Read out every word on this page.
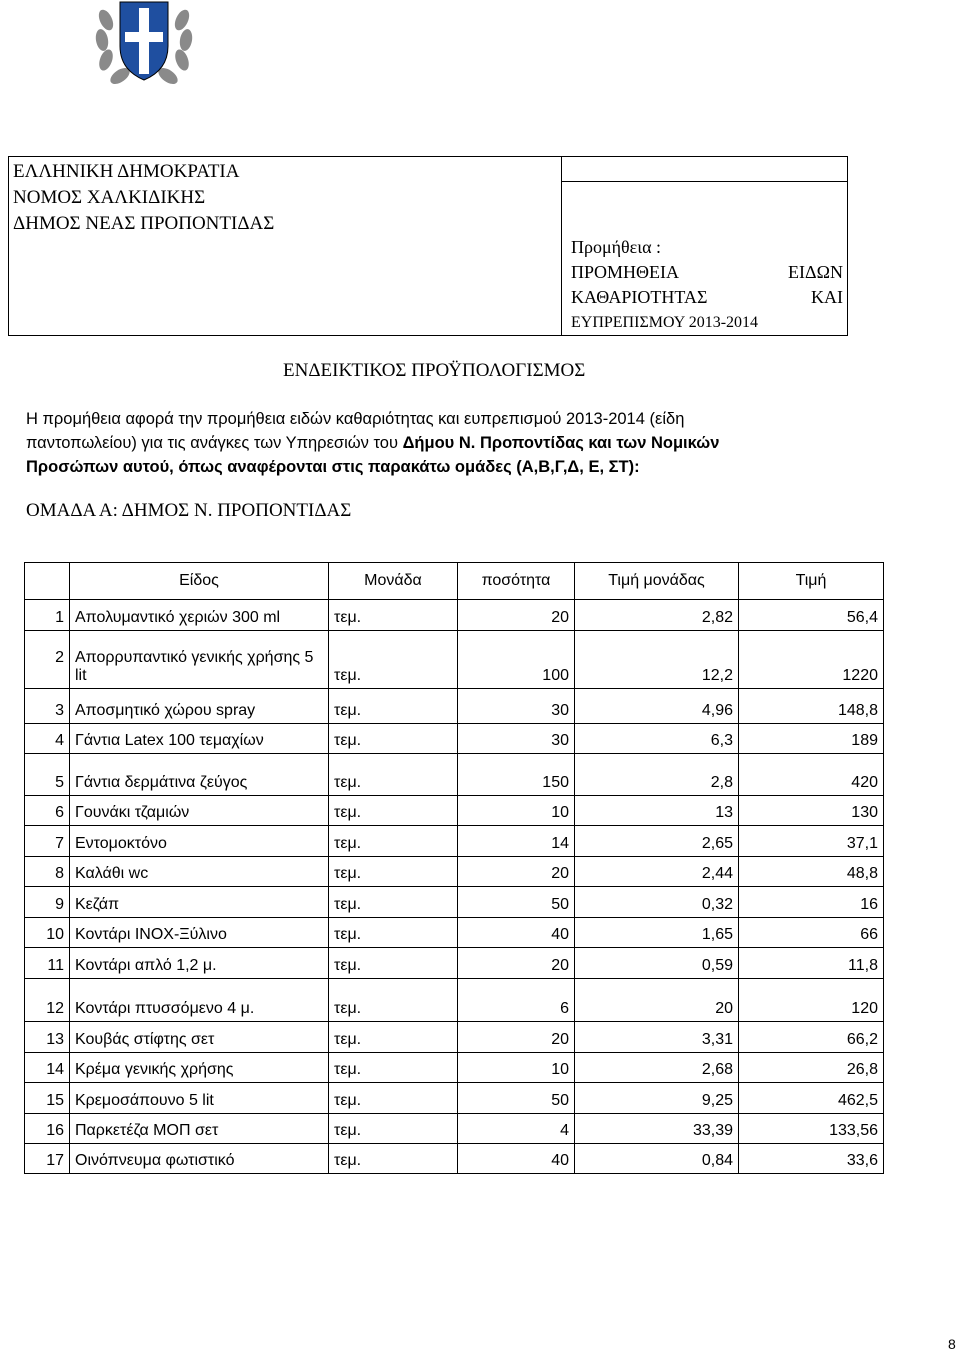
ΕΛΛΗΝΙΚΗ ΔΗΜΟΚΡΑΤΙΑ
ΝΟΜΟΣ ΧΑΛΚΙΔΙΚΗΣ
ΔΗΜΟΣ ΝΕΑΣ ΠΡΟΠΟΝΤΙΔΑΣ
Προμήθεια :
ΠΡΟΜΗΘΕΙΑ	ΕΙΔΩΝ
ΚΑΘΑΡΙΟΤΗΤΑΣ	ΚΑΙ
ΕΥΠΡΕΠΙΣΜΟΥ 2013-2014
ΕΝΔΕΙΚΤΙΚΟΣ ΠΡΟΫΠΟΛΟΓΙΣΜΟΣ

Η προμήθεια αφορά την προμήθεια ειδών καθαριότητας και ευπρεπισμού 2013-2014 (είδη

παντοπωλείου) για τις ανάγκες των Υπηρεσιών του Δήμου Ν. Προποντίδας και των Νομικών

Προσώπων αυτού, όπως αναφέρονται στις παρακάτω ομάδες (Α,Β,Γ,Δ, Ε, ΣΤ):

ΟΜΑΔΑ Α: ΔΗΜΟΣ Ν. ΠΡΟΠΟΝΤΙΔΑΣ
	Είδος	Μονάδα	ποσότητα	Τιμή μονάδας	Τιμή
1	Απολυμαντικό χεριών 300 ml	τεμ.	20	2,82	56,4
2	Απορρυπαντικό γενικής χρήσης 5 lit	τεμ.	100	12,2	1220
3	Αποσμητικό χώρου spray	τεμ.	30	4,96	148,8
4	Γάντια Latex 100 τεμαχίων	τεμ.	30	6,3	189
5	Γάντια δερμάτινα ζεύγος	τεμ.	150	2,8	420
6	Γουνάκι τζαμιών	τεμ.	10	13	130
7	Εντομοκτόνο	τεμ.	14	2,65	37,1
8	Καλάθι wc	τεμ.	20	2,44	48,8
9	Κεζάπ	τεμ.	50	0,32	16
10	Κοντάρι INOX-Ξύλινο	τεμ.	40	1,65	66
11	Κοντάρι απλό 1,2 μ.	τεμ.	20	0,59	11,8
12	Κοντάρι πτυσσόμενο 4 μ.	τεμ.	6	20	120
13	Κουβάς στίφτης σετ	τεμ.	20	3,31	66,2
14	Κρέμα γενικής χρήσης	τεμ.	10	2,68	26,8
15	Κρεμοσάπουνο 5 lit	τεμ.	50	9,25	462,5
16	Παρκετέζα ΜΟΠ σετ	τεμ.	4	33,39	133,56
17	Οινόπνευμα φωτιστικό	τεμ.	40	0,84	33,6
8
